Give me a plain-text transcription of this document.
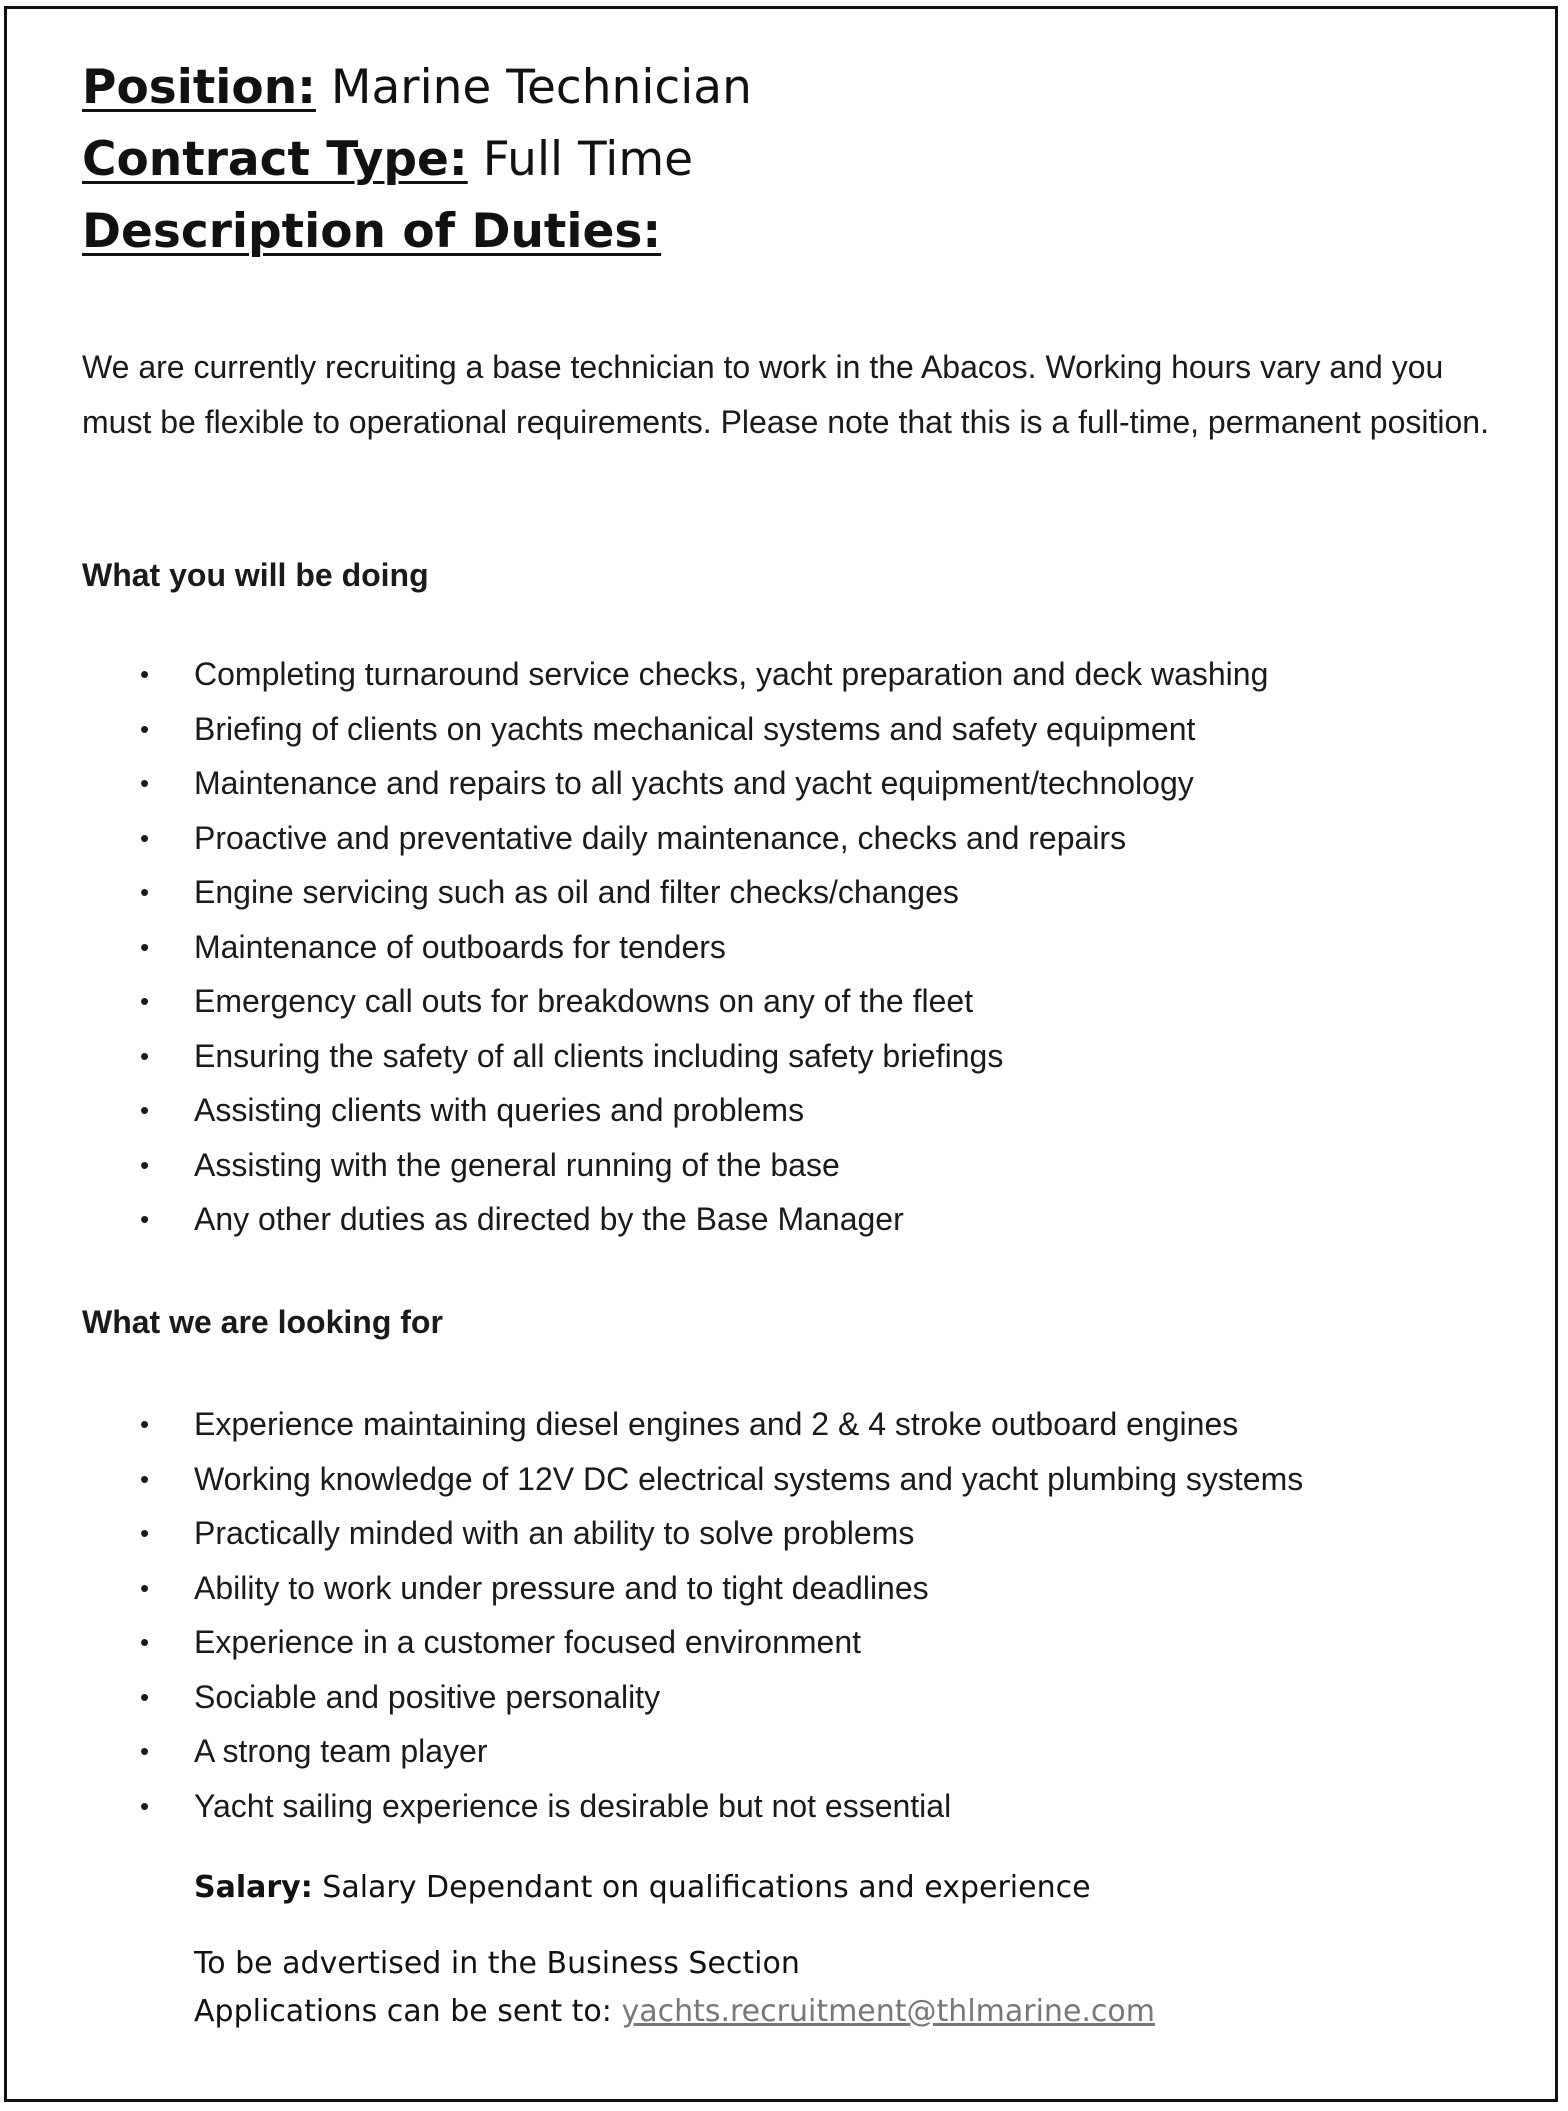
Position: Marine Technician
Contract Type: Full Time
Description of Duties:

We are currently recruiting a base technician to work in the Abacos. Working hours vary and you must be flexible to operational requirements. Please note that this is a full-time, permanent position.

What you will be doing
• Completing turnaround service checks, yacht preparation and deck washing
• Briefing of clients on yachts mechanical systems and safety equipment
• Maintenance and repairs to all yachts and yacht equipment/technology
• Proactive and preventative daily maintenance, checks and repairs
• Engine servicing such as oil and filter checks/changes
• Maintenance of outboards for tenders
• Emergency call outs for breakdowns on any of the fleet
• Ensuring the safety of all clients including safety briefings
• Assisting clients with queries and problems
• Assisting with the general running of the base
• Any other duties as directed by the Base Manager
What we are looking for
• Experience maintaining diesel engines and 2 & 4 stroke outboard engines
• Working knowledge of 12V DC electrical systems and yacht plumbing systems
• Practically minded with an ability to solve problems
• Ability to work under pressure and to tight deadlines
• Experience in a customer focused environment
• Sociable and positive personality
• A strong team player
• Yacht sailing experience is desirable but not essential
Salary: Salary Dependant on qualifications and experience
To be advertised in the Business Section
Applications can be sent to: yachts.recruitment@thlmarine.com
